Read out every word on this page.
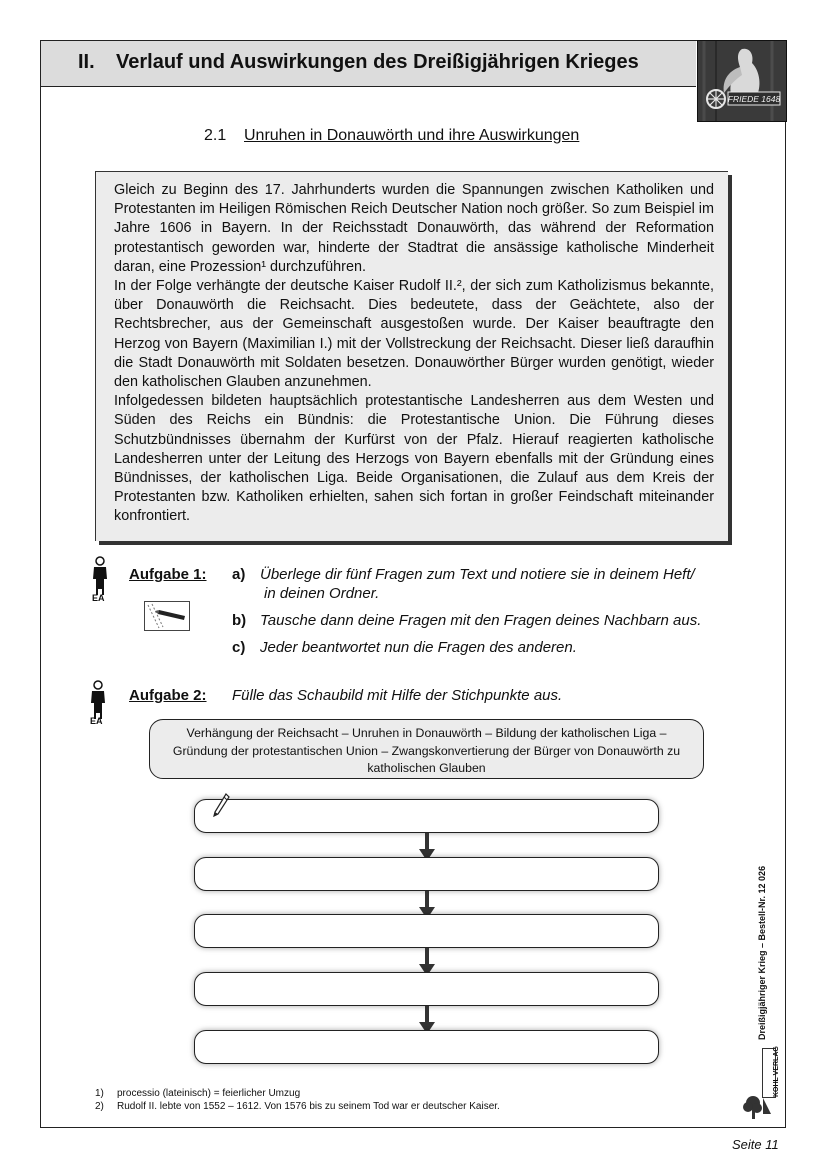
II. Verlauf und Auswirkungen des Dreißigjährigen Krieges
FRIEDE 1648
2.1 Unruhen in Donauwörth und ihre Auswirkungen

Gleich zu Beginn des 17. Jahrhunderts wurden die Spannungen zwischen Katholiken und Protestanten im Heiligen Römischen Reich Deutscher Nation noch größer. So zum Beispiel im Jahre 1606 in Bayern. In der Reichsstadt Donauwörth, das während der Reformation protestantisch geworden war, hinderte der Stadtrat die ansässige katholische Minderheit daran, eine Prozession¹ durchzuführen.

In der Folge verhängte der deutsche Kaiser Rudolf II.², der sich zum Katholizismus bekannte, über Donauwörth die Reichsacht. Dies bedeutete, dass der Geächtete, also der Rechtsbrecher, aus der Gemeinschaft ausgestoßen wurde. Der Kaiser beauftragte den Herzog von Bayern (Maximilian I.) mit der Vollstreckung der Reichsacht. Dieser ließ daraufhin die Stadt Donauwörth mit Soldaten besetzen. Donauwörther Bürger wurden genötigt, wieder den katholischen Glauben anzunehmen.

Infolgedessen bildeten hauptsächlich protestantische Landesherren aus dem Westen und Süden des Reichs ein Bündnis: die Protestantische Union. Die Führung dieses Schutzbündnisses übernahm der Kurfürst von der Pfalz. Hierauf reagierten katholische Landesherren unter der Leitung des Herzogs von Bayern ebenfalls mit der Gründung eines Bündnisses, der katholischen Liga. Beide Organisationen, die Zulauf aus dem Kreis der Protestanten bzw. Katholiken erhielten, sahen sich fortan in großer Feindschaft miteinander konfrontiert.

EA
Aufgabe 1: a) Überlege dir fünf Fragen zum Text und notiere sie in deinem Heft/
in deinen Ordner.
b) Tausche dann deine Fragen mit den Fragen deines Nachbarn aus.
c) Jeder beantwortet nun die Fragen des anderen.
EA
Aufgabe 2: Fülle das Schaubild mit Hilfe der Stichpunkte aus.
Verhängung der Reichsacht – Unruhen in Donauwörth – Bildung der katholischen Liga –
Gründung der protestantischen Union – Zwangskonvertierung der Bürger von Donauwörth zu
katholischen Glauben
1) processio (lateinisch) = feierlicher Umzug
2) Rudolf II. lebte von 1552 – 1612. Von 1576 bis zu seinem Tod war er deutscher Kaiser.
Dreißigjähriger Krieg – Bestell-Nr. 12 026
KOHL VERLAG
Seite 11
